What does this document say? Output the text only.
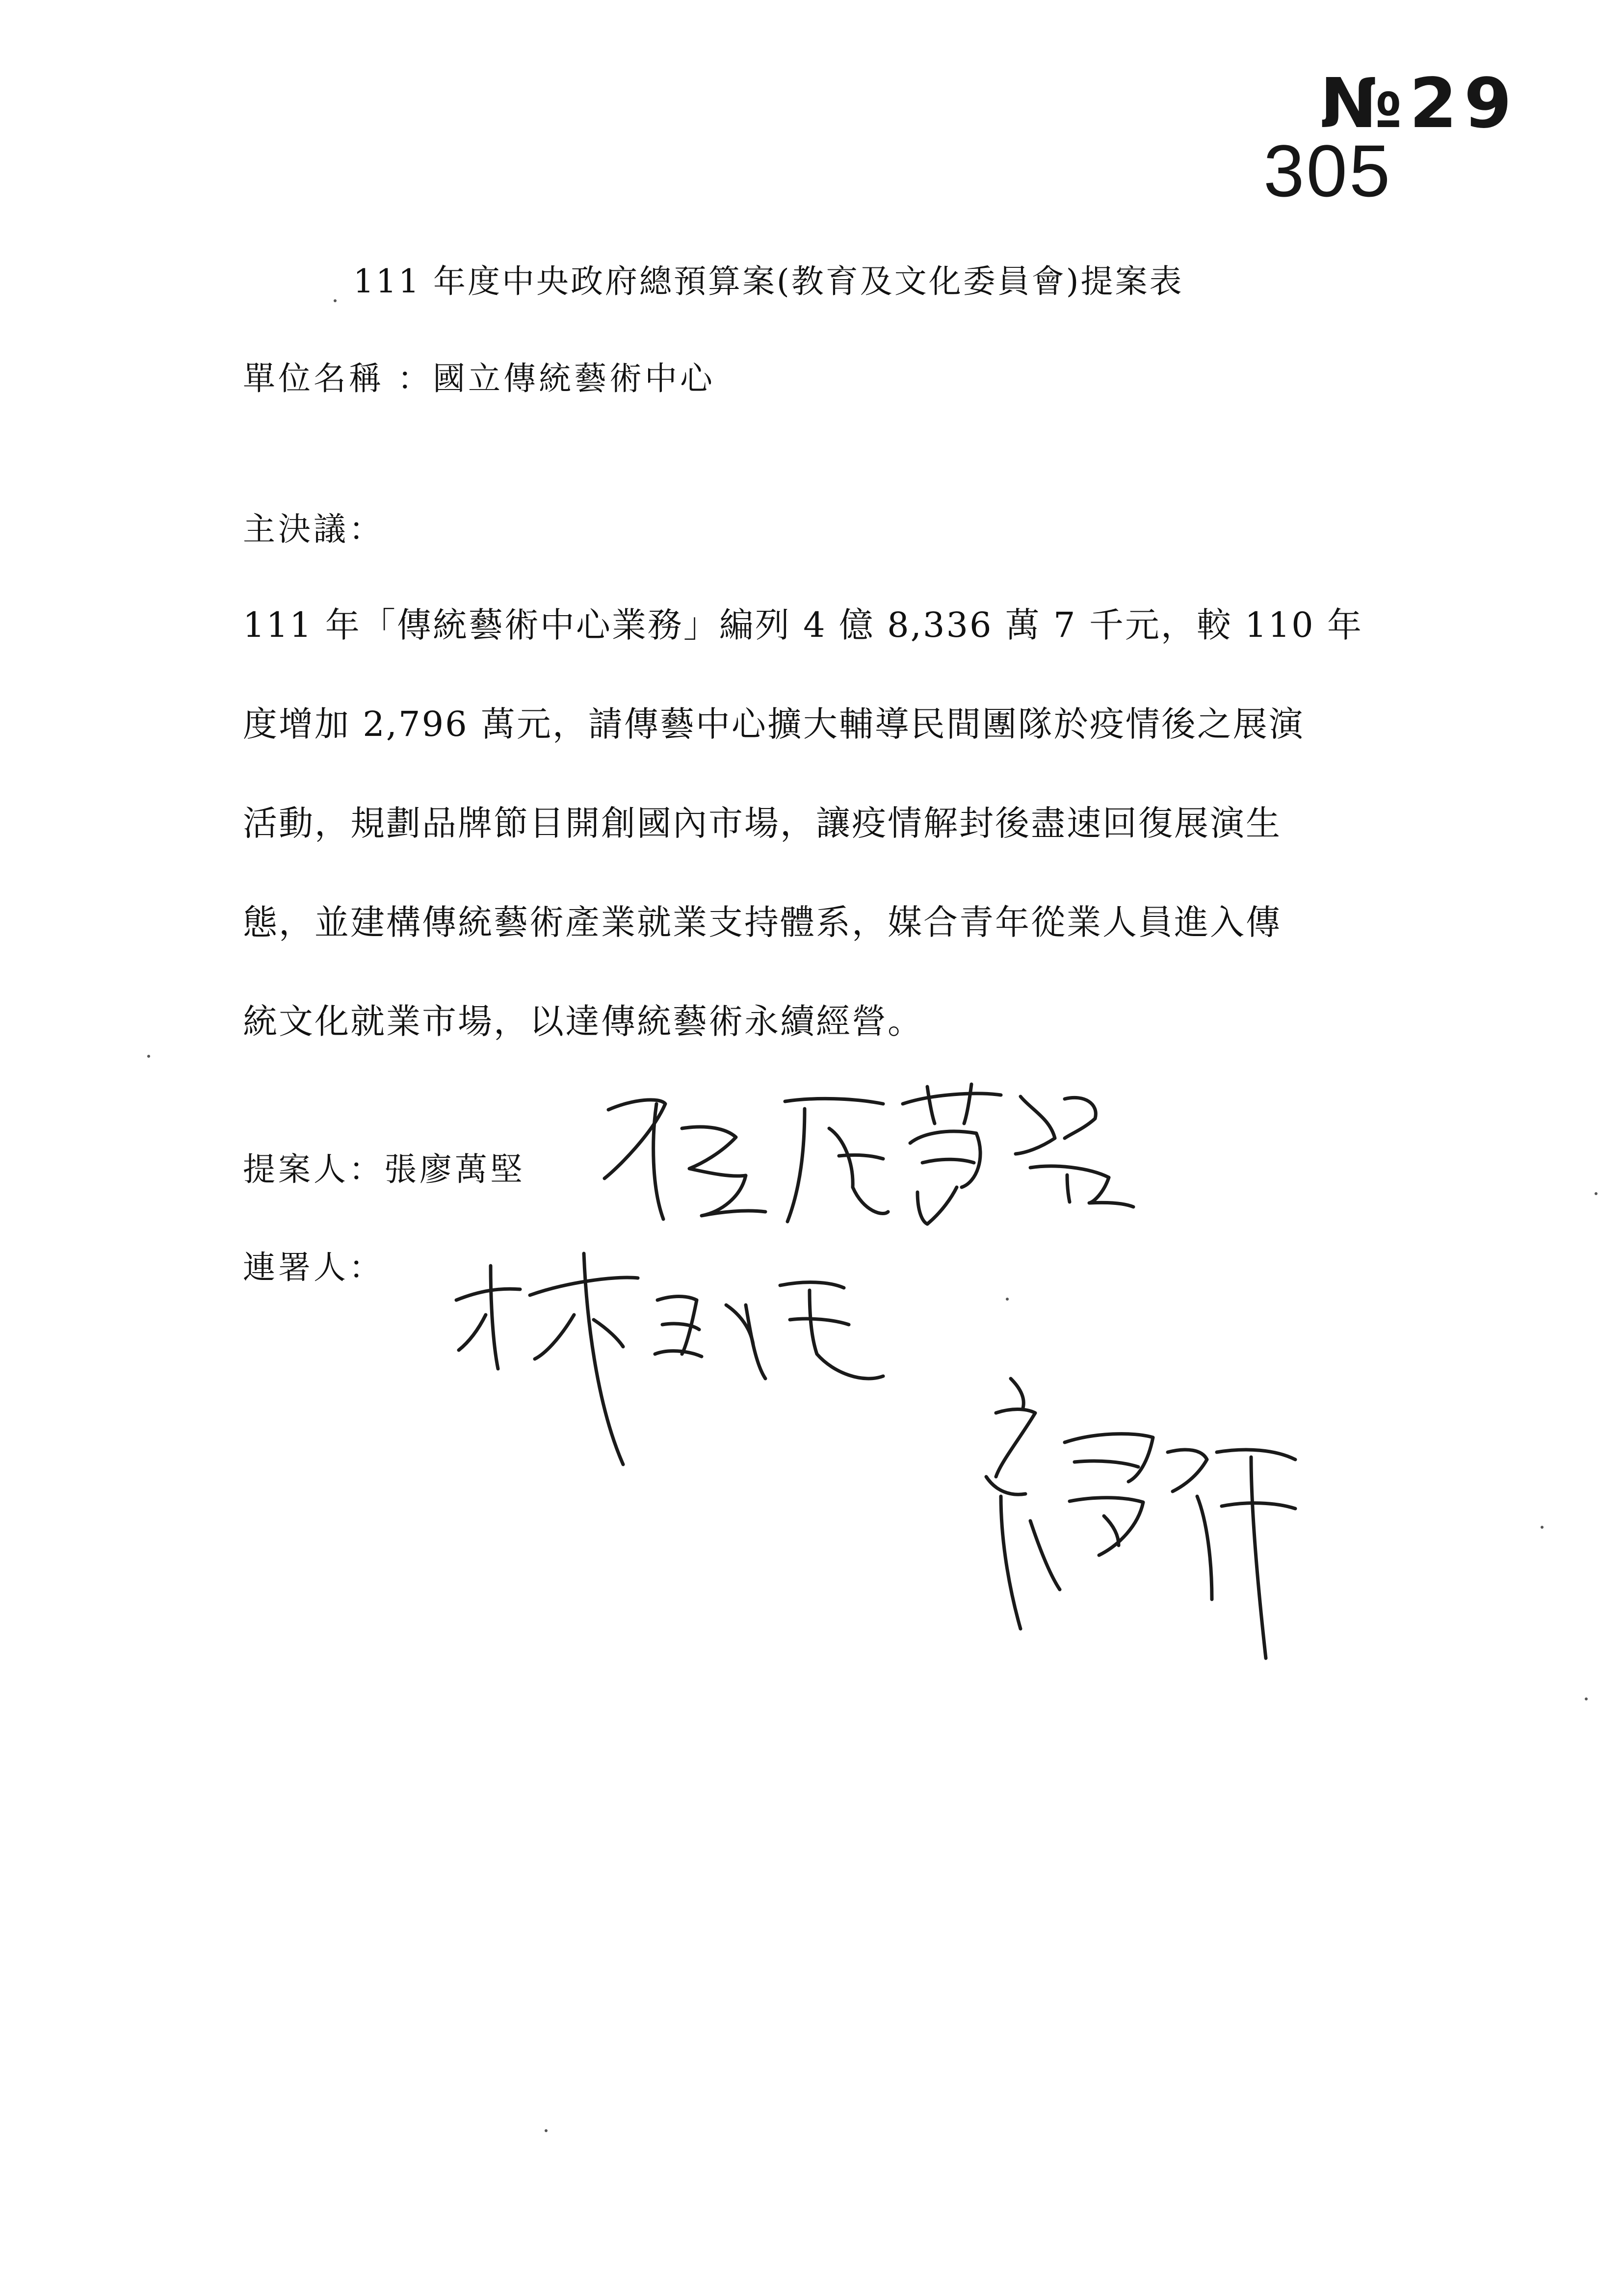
№29
305
111 年度中央政府總預算案(教育及文化委員會)提案表
單位名稱 ：國立傳統藝術中心
主決議：
111 年「傳統藝術中心業務」編列 4 億 8,336 萬 7 千元，較 110 年
度增加 2,796 萬元，請傳藝中心擴大輔導民間團隊於疫情後之展演
活動，規劃品牌節目開創國內市場，讓疫情解封後盡速回復展演生
態，並建構傳統藝術產業就業支持體系，媒合青年從業人員進入傳
統文化就業市場，以達傳統藝術永續經營。
提案人：張廖萬堅
連署人：
